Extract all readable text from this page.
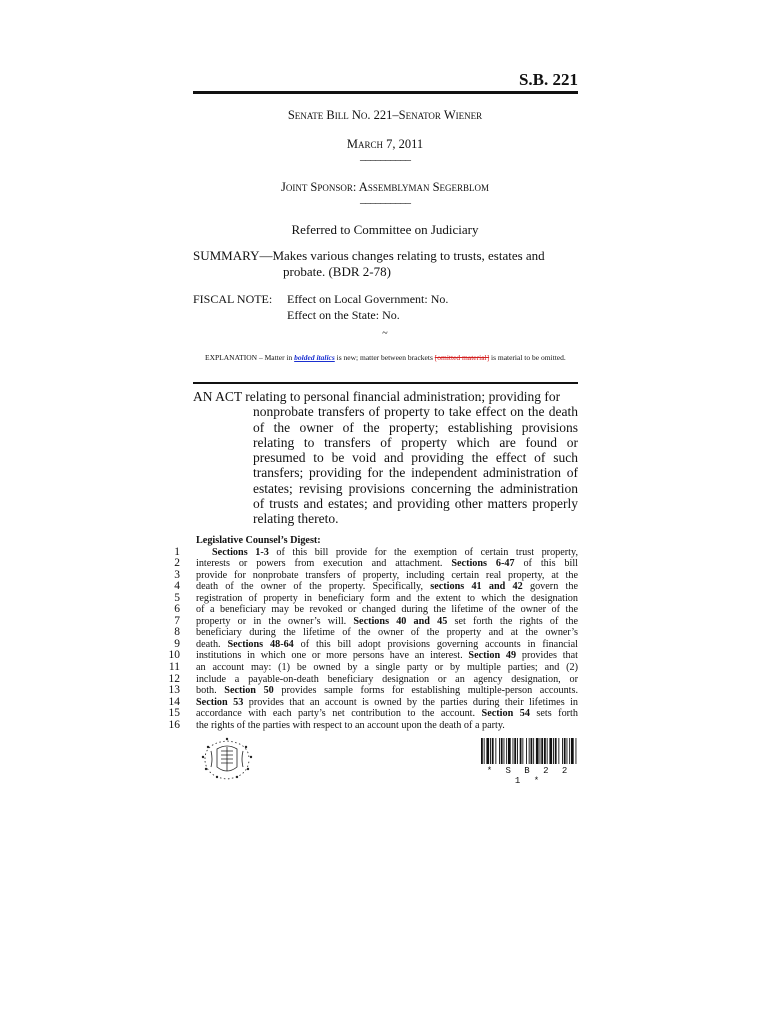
S.B. 221
Senate Bill No. 221–Senator Wiener
March 7, 2011
––––––––––
Joint Sponsor: Assemblyman Segerblom
––––––––––
Referred to Committee on Judiciary
SUMMARY—Makes various changes relating to trusts, estates and
probate. (BDR 2-78)
FISCAL NOTE:	Effect on Local Government: No.
Effect on the State: No.
~
EXPLANATION – Matter in bolded italics is new; matter between brackets [omitted material] is material to be omitted.
AN ACT relating to personal financial administration; providing for
nonprobate transfers of property to take effect on the death of the owner of the property; establishing provisions relating to transfers of property which are found or presumed to be void and providing the effect of such transfers; providing for the independent administration of estates; revising provisions concerning the administration of trusts and estates; and providing other matters properly relating thereto.
1
2
3
4
5
6
7
8
9
10
11
12
13
14
15
16
Legislative Counsel’s Digest:
Sections 1-3 of this bill provide for the exemption of certain trust property,
interests or powers from execution and attachment. Sections 6-47 of this bill
provide for nonprobate transfers of property, including certain real property, at the
death of the owner of the property. Specifically, sections 41 and 42 govern the
registration of property in beneficiary form and the extent to which the designation
of a beneficiary may be revoked or changed during the lifetime of the owner of the
property or in the owner’s will. Sections 40 and 45 set forth the rights of the
beneficiary during the lifetime of the owner of the property and at the owner’s
death. Sections 48-64 of this bill adopt provisions governing accounts in financial
institutions in which one or more persons have an interest. Section 49 provides that
an account may: (1) be owned by a single party or by multiple parties; and (2)
include a payable-on-death beneficiary designation or an agency designation, or
both. Section 50 provides sample forms for establishing multiple-person accounts.
Section 53 provides that an account is owned by the parties during their lifetimes in
accordance with each party’s net contribution to the account. Section 54 sets forth
the rights of the parties with respect to an account upon the death of a party.
* S B 2 2 1 *
